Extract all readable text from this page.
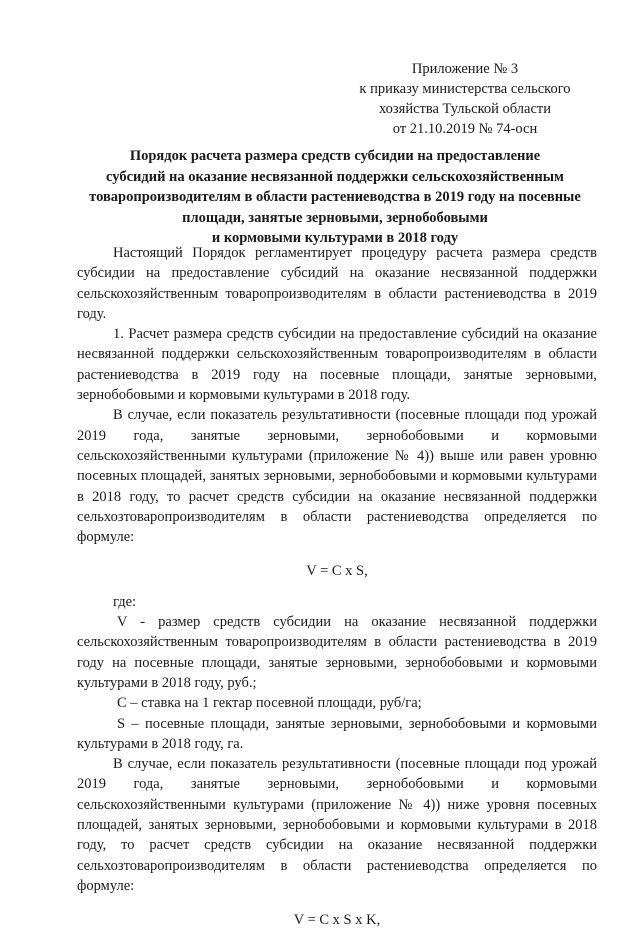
Приложение № 3
к приказу министерства сельского
хозяйства Тульской области
от 21.10.2019 № 74-осн
Порядок расчета размера средств субсидии на предоставление
субсидий на оказание несвязанной поддержки сельскохозяйственным
товаропроизводителям в области растениеводства в 2019 году на посевные
площади, занятые зерновыми, зернобобовыми
и кормовыми культурами в 2018 году

Настоящий Порядок регламентирует процедуру расчета размера средств субсидии на предоставление субсидий на оказание несвязанной поддержки сельскохозяйственным товаропроизводителям в области растениеводства в 2019 году.

1. Расчет размера средств субсидии на предоставление субсидий на оказание несвязанной поддержки сельскохозяйственным товаропроизводителям в области растениеводства в 2019 году на посевные площади, занятые зерновыми, зернобобовыми и кормовыми культурами в 2018 году.

В случае, если показатель результативности (посевные площади под урожай 2019 года, занятые зерновыми, зернобобовыми и кормовыми сельскохозяйственными культурами (приложение № 4)) выше или равен уровню посевных площадей, занятых зерновыми, зернобобовыми и кормовыми культурами в 2018 году, то расчет средств субсидии на оказание несвязанной поддержки сельхозтоваропроизводителям в области растениеводства определяется по формуле:

V = C x S,

где:

V - размер средств субсидии на оказание несвязанной поддержки сельскохозяйственным товаропроизводителям в области растениеводства в 2019 году на посевные площади, занятые зерновыми, зернобобовыми и кормовыми культурами в 2018 году, руб.;

С – ставка на 1 гектар посевной площади, руб/га;

S – посевные площади, занятые зерновыми, зернобобовыми и кормовыми культурами в 2018 году, га.

В случае, если показатель результативности (посевные площади под урожай 2019 года, занятые зерновыми, зернобобовыми и кормовыми сельскохозяйственными культурами (приложение № 4)) ниже уровня посевных площадей, занятых зерновыми, зернобобовыми и кормовыми культурами в 2018 году, то расчет средств субсидии на оказание несвязанной поддержки сельхозтоваропроизводителям в области растениеводства определяется по формуле:

V = C x S x K,
